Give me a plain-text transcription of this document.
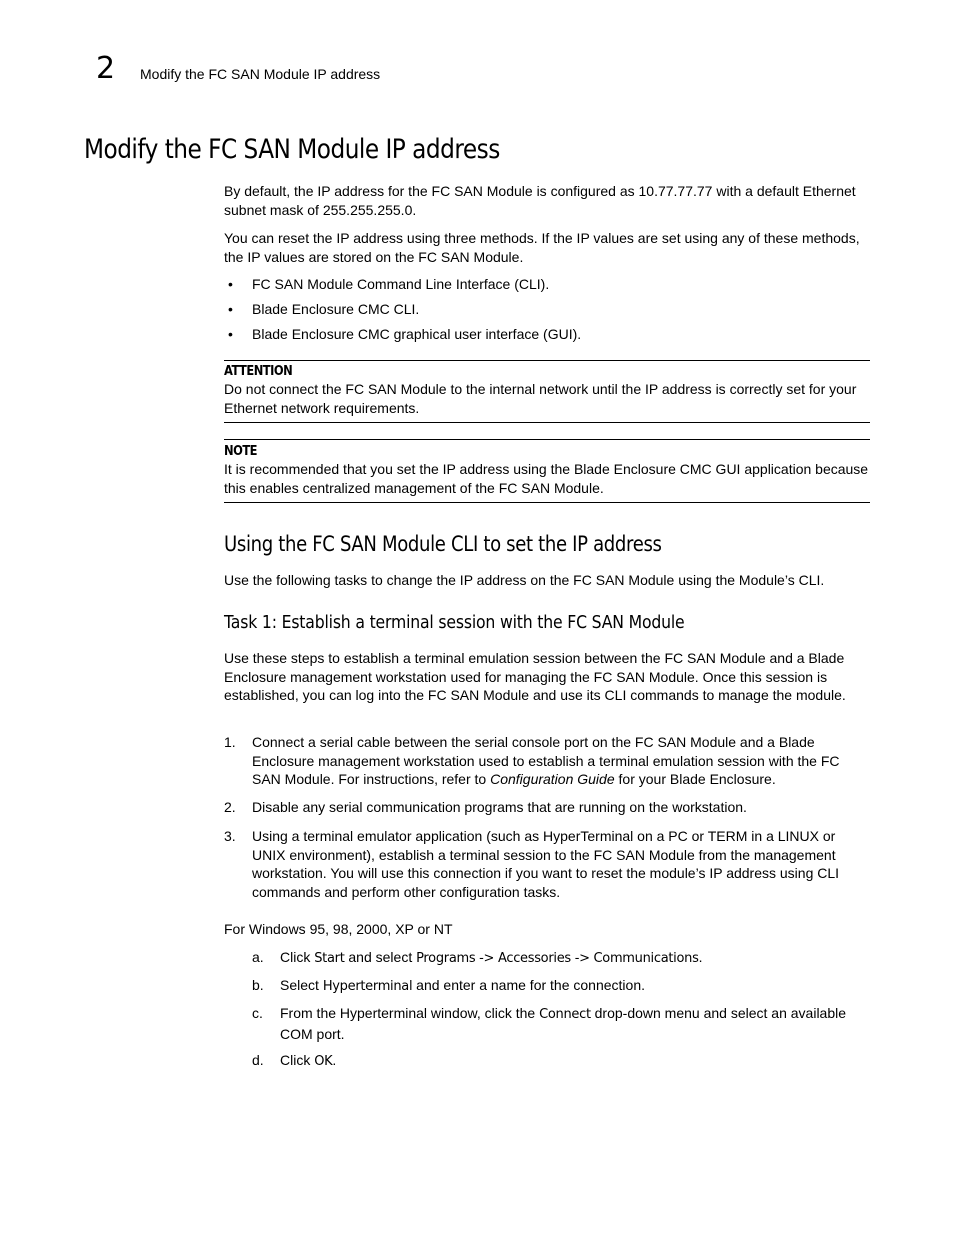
2 Modify the FC SAN Module IP address
Modify the FC SAN Module IP address

By default, the IP address for the FC SAN Module is configured as 10.77.77.77 with a default Ethernet subnet mask of 255.255.255.0.

You can reset the IP address using three methods. If the IP values are set using any of these methods, the IP values are stored on the FC SAN Module.

• FC SAN Module Command Line Interface (CLI).
• Blade Enclosure CMC CLI.
• Blade Enclosure CMC graphical user interface (GUI).
ATTENTION

Do not connect the FC SAN Module to the internal network until the IP address is correctly set for your Ethernet network requirements.

NOTE

It is recommended that you set the IP address using the Blade Enclosure CMC GUI application because this enables centralized management of the FC SAN Module.

Using the FC SAN Module CLI to set the IP address

Use the following tasks to change the IP address on the FC SAN Module using the Module’s CLI.

Task 1: Establish a terminal session with the FC SAN Module

Use these steps to establish a terminal emulation session between the FC SAN Module and a Blade Enclosure management workstation used for managing the FC SAN Module. Once this session is established, you can log into the FC SAN Module and use its CLI commands to manage the module.

1. Connect a serial cable between the serial console port on the FC SAN Module and a Blade Enclosure management workstation used to establish a terminal emulation session with the FC SAN Module. For instructions, refer to Configuration Guide for your Blade Enclosure.
2. Disable any serial communication programs that are running on the workstation.
3. Using a terminal emulator application (such as HyperTerminal on a PC or TERM in a LINUX or UNIX environment), establish a terminal session to the FC SAN Module from the management workstation. You will use this connection if you want to reset the module’s IP address using CLI commands and perform other configuration tasks.

For Windows 95, 98, 2000, XP or NT

a. Click Start and select Programs -> Accessories -> Communications.
b. Select Hyperterminal and enter a name for the connection.
c. From the Hyperterminal window, click the Connect drop-down menu and select an available COM port.
d. Click OK.
